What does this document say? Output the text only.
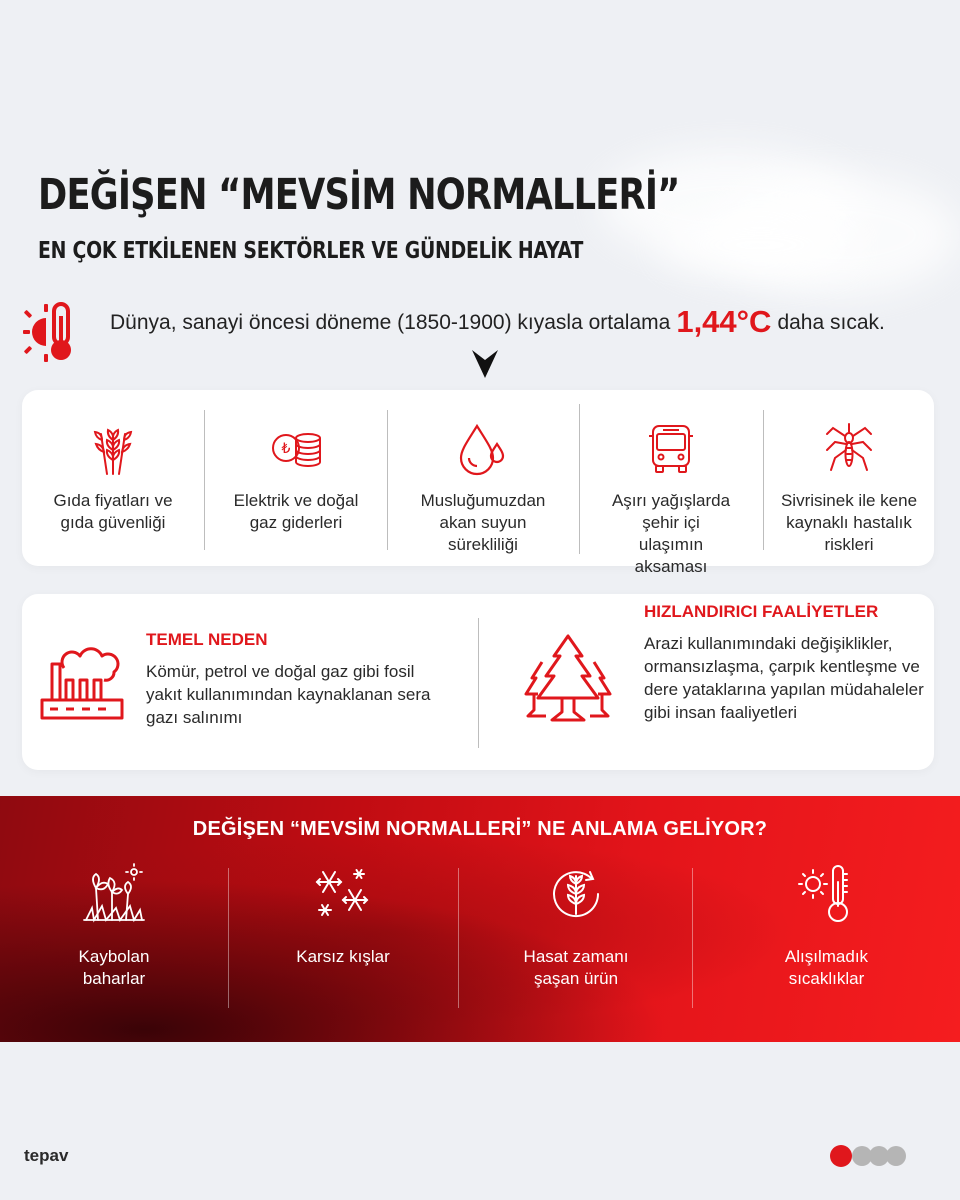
DEĞİŞEN “MEVSİM NORMALLERİ”
EN ÇOK ETKİLENEN SEKTÖRLER VE GÜNDELİK HAYAT
Dünya, sanayi öncesi döneme (1850-1900) kıyasla ortalama 1,44°C daha sıcak.
Gıda fiyatları ve gıda güvenliği
₺
Elektrik ve doğal gaz giderleri
Musluğumuzdan akan suyun sürekliliği
Aşırı yağışlarda şehir içi ulaşımın aksaması
Sivrisinek ile kene kaynaklı hastalık riskleri
TEMEL NEDEN
Kömür, petrol ve doğal gaz gibi fosil yakıt kullanımından kaynaklanan sera gazı salınımı
HIZLANDIRICI FAALİYETLER
Arazi kullanımındaki değişiklikler, ormansızlaşma, çarpık kentleşme ve dere yataklarına yapılan müdahaleler gibi insan faaliyetleri
DEĞİŞEN “MEVSİM NORMALLERİ” NE ANLAMA GELİYOR?
Kaybolan baharlar
Karsız kışlar	Hasat zamanı şaşan ürün
Alışılmadık sıcaklıklar
tepav
